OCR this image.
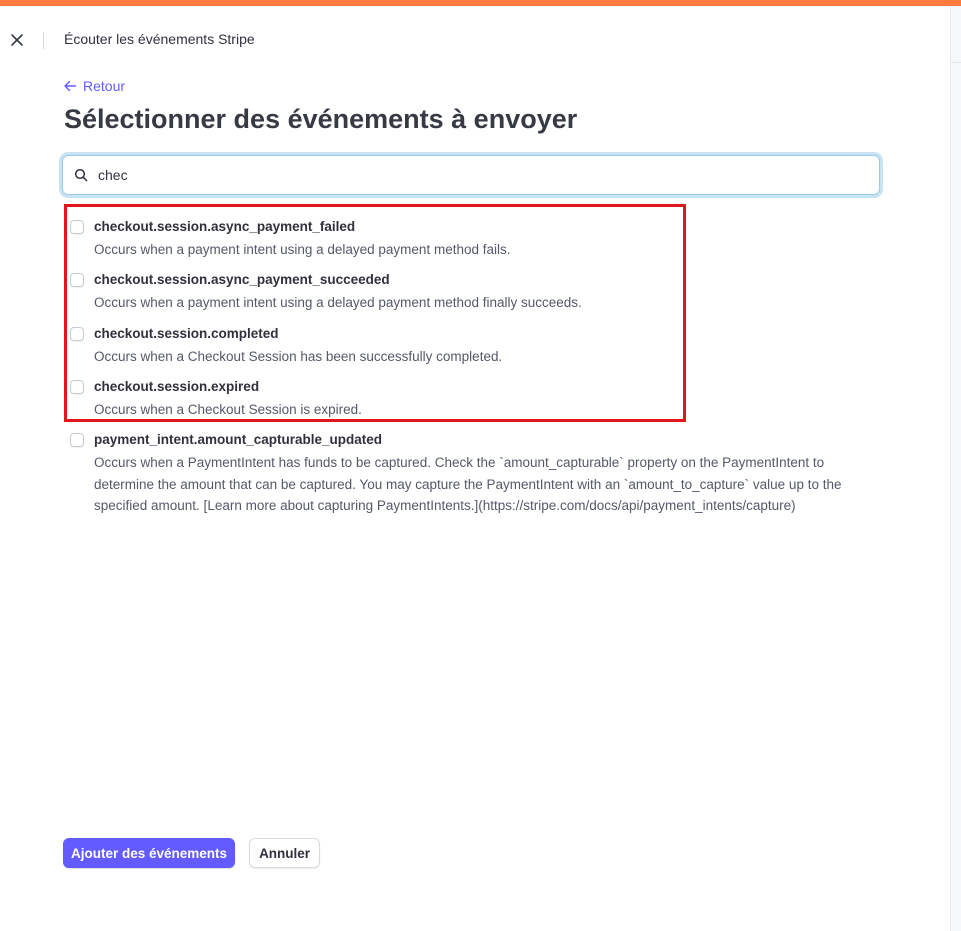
Écouter les événements Stripe
Retour
Sélectionner des événements à envoyer
chec
checkout.session.async_payment_failed
Occurs when a payment intent using a delayed payment method fails.
checkout.session.async_payment_succeeded
Occurs when a payment intent using a delayed payment method finally succeeds.
checkout.session.completed
Occurs when a Checkout Session has been successfully completed.
checkout.session.expired
Occurs when a Checkout Session is expired.
payment_intent.amount_capturable_updated
Occurs when a PaymentIntent has funds to be captured. Check the `amount_capturable` property on the PaymentIntent to determine the amount that can be captured. You may capture the PaymentIntent with an `amount_to_capture` value up to the specified amount. [Learn more about capturing PaymentIntents.](https://stripe.com/docs/api/payment_intents/capture)
Ajouter des événements	Annuler
